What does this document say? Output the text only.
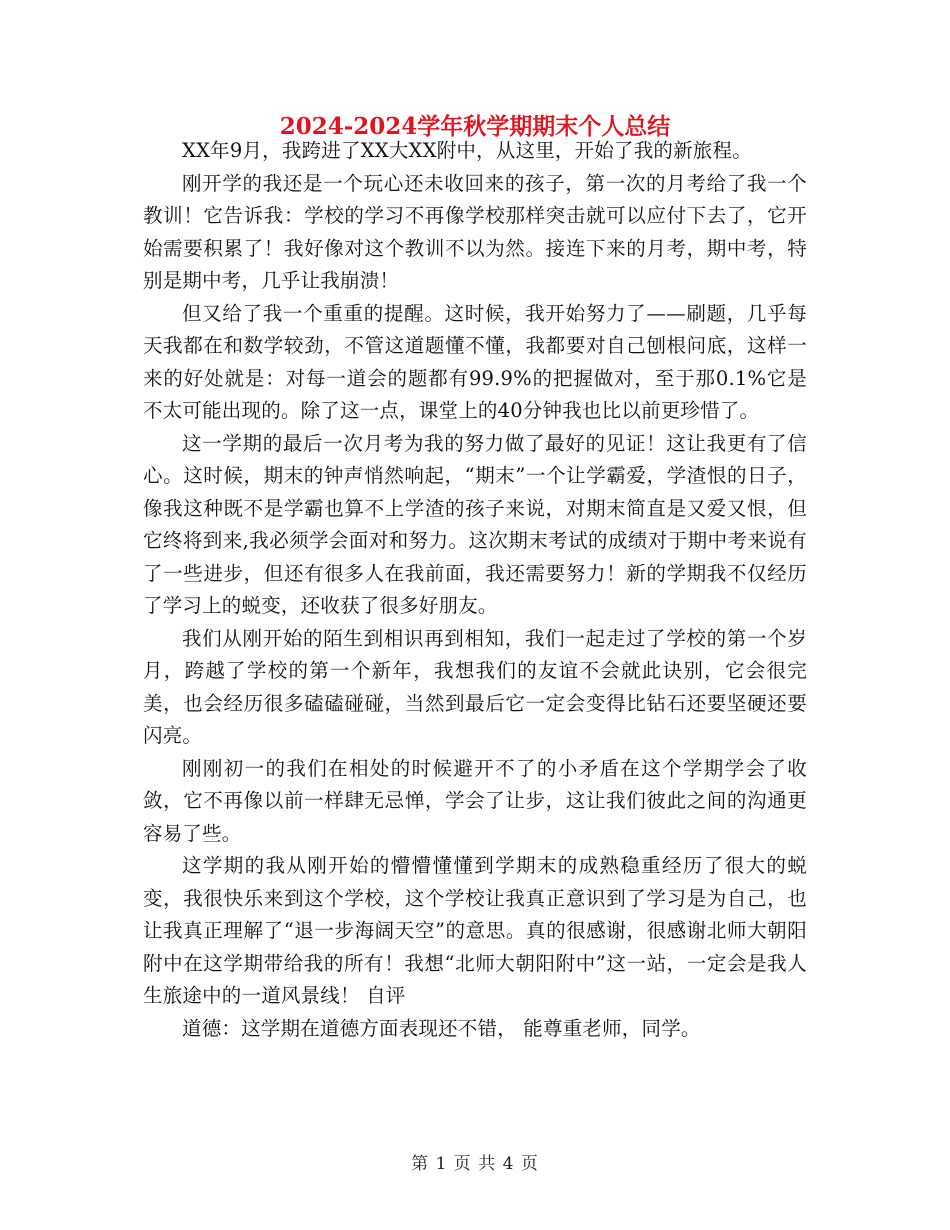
2024-2024学年秋学期期末个人总结

XX年9月，我跨进了XX大XX附中，从这里，开始了我的新旅程。

刚开学的我还是一个玩心还未收回来的孩子，第一次的月考给了我一个教训！它告诉我：学校的学习不再像学校那样突击就可以应付下去了，它开始需要积累了！我好像对这个教训不以为然。接连下来的月考，期中考，特别是期中考，几乎让我崩溃！

但又给了我一个重重的提醒。这时候，我开始努力了——刷题，几乎每天我都在和数学较劲，不管这道题懂不懂，我都要对自己刨根问底，这样一来的好处就是：对每一道会的题都有99.9%的把握做对，至于那0.1%它是不太可能出现的。除了这一点，课堂上的40分钟我也比以前更珍惜了。

这一学期的最后一次月考为我的努力做了最好的见证！这让我更有了信心。这时候，期末的钟声悄然响起，“期末”一个让学霸爱，学渣恨的日子，像我这种既不是学霸也算不上学渣的孩子来说，对期末简直是又爱又恨，但它终将到来,我必须学会面对和努力。这次期末考试的成绩对于期中考来说有了一些进步，但还有很多人在我前面，我还需要努力！新的学期我不仅经历了学习上的蜕变，还收获了很多好朋友。

我们从刚开始的陌生到相识再到相知，我们一起走过了学校的第一个岁月，跨越了学校的第一个新年，我想我们的友谊不会就此诀别，它会很完美，也会经历很多磕磕碰碰，当然到最后它一定会变得比钻石还要坚硬还要闪亮。

刚刚初一的我们在相处的时候避开不了的小矛盾在这个学期学会了收敛，它不再像以前一样肆无忌惮，学会了让步，这让我们彼此之间的沟通更容易了些。

这学期的我从刚开始的懵懵懂懂到学期末的成熟稳重经历了很大的蜕变，我很快乐来到这个学校，这个学校让我真正意识到了学习是为自己，也让我真正理解了“退一步海阔天空”的意思。真的很感谢，很感谢北师大朝阳附中在这学期带给我的所有！我想“北师大朝阳附中”这一站，一定会是我人生旅途中的一道风景线！ 自评

道德：这学期在道德方面表现还不错， 能尊重老师，同学。

第 1 页 共 4 页
